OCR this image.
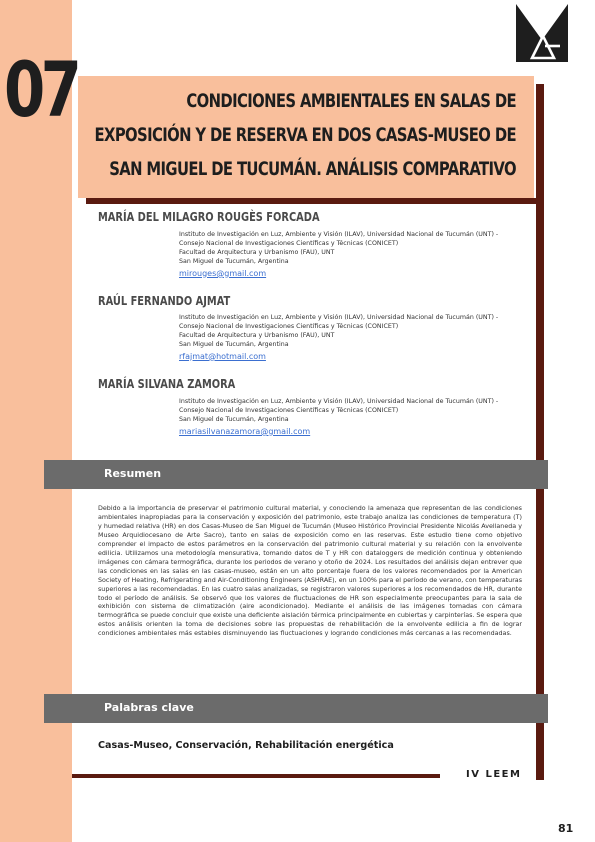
07	CONDICIONES AMBIENTALES EN SALAS DE EXPOSICIÓN Y DE RESERVA EN DOS CASAS-MUSEO DE SAN MIGUEL DE TUCUMÁN. ANÁLISIS COMPARATIVO
MARÍA DEL MILAGRO ROUGÈS FORCADA
Instituto de Investigación en Luz, Ambiente y Visión (ILAV), Universidad Nacional de Tucumán (UNT) -
Consejo Nacional de Investigaciones Científicas y Técnicas (CONICET)
Facultad de Arquitectura y Urbanismo (FAU), UNT
San Miguel de Tucumán, Argentina
mirouges@gmail.com
RAÚL FERNANDO AJMAT
Instituto de Investigación en Luz, Ambiente y Visión (ILAV), Universidad Nacional de Tucumán (UNT) -
Consejo Nacional de Investigaciones Científicas y Técnicas (CONICET)
Facultad de Arquitectura y Urbanismo (FAU), UNT
San Miguel de Tucumán, Argentina
rfajmat@hotmail.com
MARÍA SILVANA ZAMORA
Instituto de Investigación en Luz, Ambiente y Visión (ILAV), Universidad Nacional de Tucumán (UNT) -
Consejo Nacional de Investigaciones Científicas y Técnicas (CONICET)
San Miguel de Tucumán, Argentina
mariasilvanazamora@gmail.com
Resumen

Debido a la importancia de preservar el patrimonio cultural material, y conociendo la amenaza que representan de las condiciones ambientales inapropiadas para la conservación y exposición del patrimonio, este trabajo analiza las condiciones de temperatura (T) y humedad relativa (HR) en dos Casas-Museo de San Miguel de Tucumán (Museo Histórico Provincial Presidente Nicolás Avellaneda y Museo Arquidiocesano de Arte Sacro), tanto en salas de exposición como en las reservas. Este estudio tiene como objetivo comprender el impacto de estos parámetros en la conservación del patrimonio cultural material y su relación con la envolvente edilicia. Utilizamos una metodología mensurativa, tomando datos de T y HR con dataloggers de medición continua y obteniendo imágenes con cámara termográfica, durante los periodos de verano y otoño de 2024. Los resultados del análisis dejan entrever que las condiciones en las salas en las casas-museo, están en un alto porcentaje fuera de los valores recomendados por la American Society of Heating, Refrigerating and Air-Conditioning Engineers (ASHRAE), en un 100% para el período de verano, con temperaturas superiores a las recomendadas. En las cuatro salas analizadas, se registraron valores superiores a los recomendados de HR, durante todo el período de análisis. Se observó que los valores de fluctuaciones de HR son especialmente preocupantes para la sala de exhibición con sistema de climatización (aire acondicionado). Mediante el análisis de las imágenes tomadas con cámara termográfica se puede concluir que existe una deficiente aislación térmica principalmente en cubiertas y carpinterías. Se espera que estos análisis orienten la toma de decisiones sobre las propuestas de rehabilitación de la envolvente edilicia a fin de lograr condiciones ambientales más estables disminuyendo las fluctuaciones y logrando condiciones más cercanas a las recomendadas.

Palabras clave
Casas-Museo, Conservación, Rehabilitación energética
IV LEEM
81
